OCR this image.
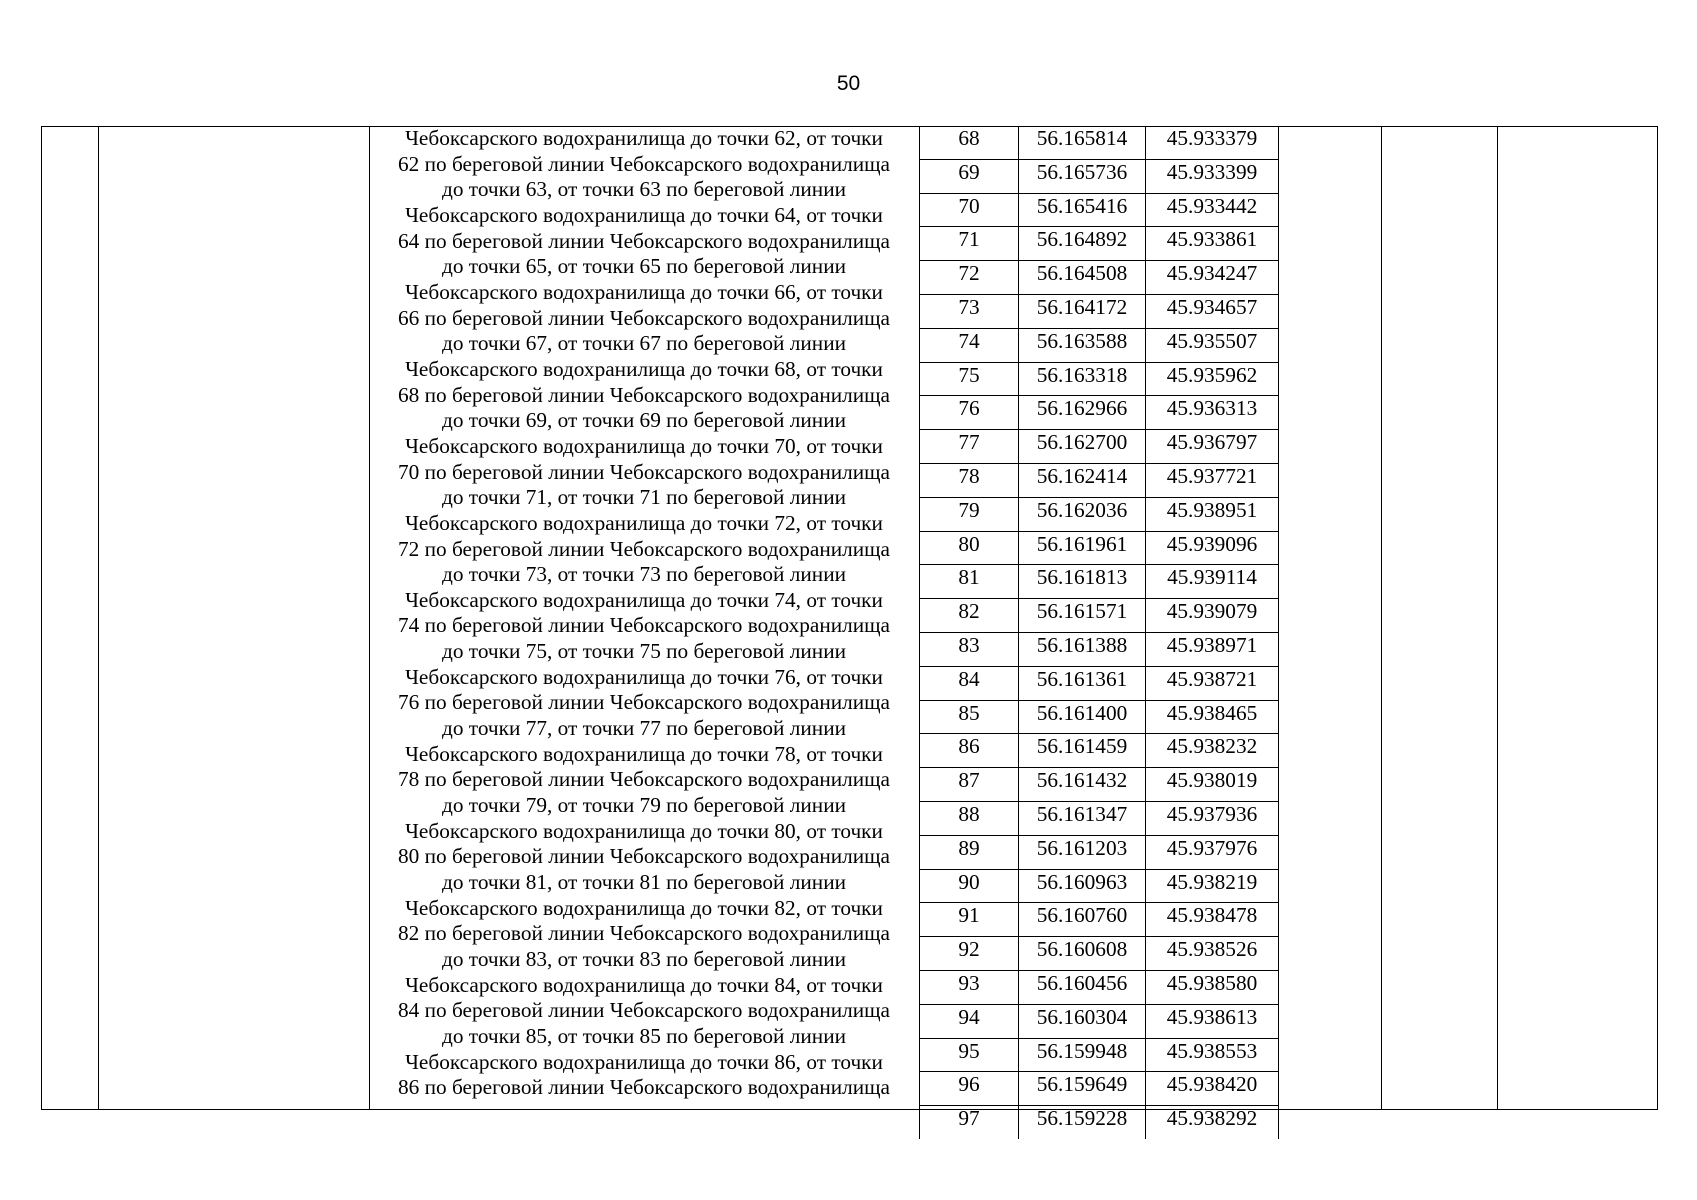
50
Чебоксарского водохранилища до точки 62, от точки
62 по береговой линии Чебоксарского водохранилища
до точки 63, от точки 63 по береговой линии
Чебоксарского водохранилища до точки 64, от точки
64 по береговой линии Чебоксарского водохранилища
до точки 65, от точки 65 по береговой линии
Чебоксарского водохранилища до точки 66, от точки
66 по береговой линии Чебоксарского водохранилища
до точки 67, от точки 67 по береговой линии
Чебоксарского водохранилища до точки 68, от точки
68 по береговой линии Чебоксарского водохранилища
до точки 69, от точки 69 по береговой линии
Чебоксарского водохранилища до точки 70, от точки
70 по береговой линии Чебоксарского водохранилища
до точки 71, от точки 71 по береговой линии
Чебоксарского водохранилища до точки 72, от точки
72 по береговой линии Чебоксарского водохранилища
до точки 73, от точки 73 по береговой линии
Чебоксарского водохранилища до точки 74, от точки
74 по береговой линии Чебоксарского водохранилища
до точки 75, от точки 75 по береговой линии
Чебоксарского водохранилища до точки 76, от точки
76 по береговой линии Чебоксарского водохранилища
до точки 77, от точки 77 по береговой линии
Чебоксарского водохранилища до точки 78, от точки
78 по береговой линии Чебоксарского водохранилища
до точки 79, от точки 79 по береговой линии
Чебоксарского водохранилища до точки 80, от точки
80 по береговой линии Чебоксарского водохранилища
до точки 81, от точки 81 по береговой линии
Чебоксарского водохранилища до точки 82, от точки
82 по береговой линии Чебоксарского водохранилища
до точки 83, от точки 83 по береговой линии
Чебоксарского водохранилища до точки 84, от точки
84 по береговой линии Чебоксарского водохранилища
до точки 85, от точки 85 по береговой линии
Чебоксарского водохранилища до точки 86, от точки
86 по береговой линии Чебоксарского водохранилища
68	56.165814	45.933379
69	56.165736	45.933399
70	56.165416	45.933442
71	56.164892	45.933861
72	56.164508	45.934247
73	56.164172	45.934657
74	56.163588	45.935507
75	56.163318	45.935962
76	56.162966	45.936313
77	56.162700	45.936797
78	56.162414	45.937721
79	56.162036	45.938951
80	56.161961	45.939096
81	56.161813	45.939114
82	56.161571	45.939079
83	56.161388	45.938971
84	56.161361	45.938721
85	56.161400	45.938465
86	56.161459	45.938232
87	56.161432	45.938019
88	56.161347	45.937936
89	56.161203	45.937976
90	56.160963	45.938219
91	56.160760	45.938478
92	56.160608	45.938526
93	56.160456	45.938580
94	56.160304	45.938613
95	56.159948	45.938553
96	56.159649	45.938420
97	56.159228	45.938292
